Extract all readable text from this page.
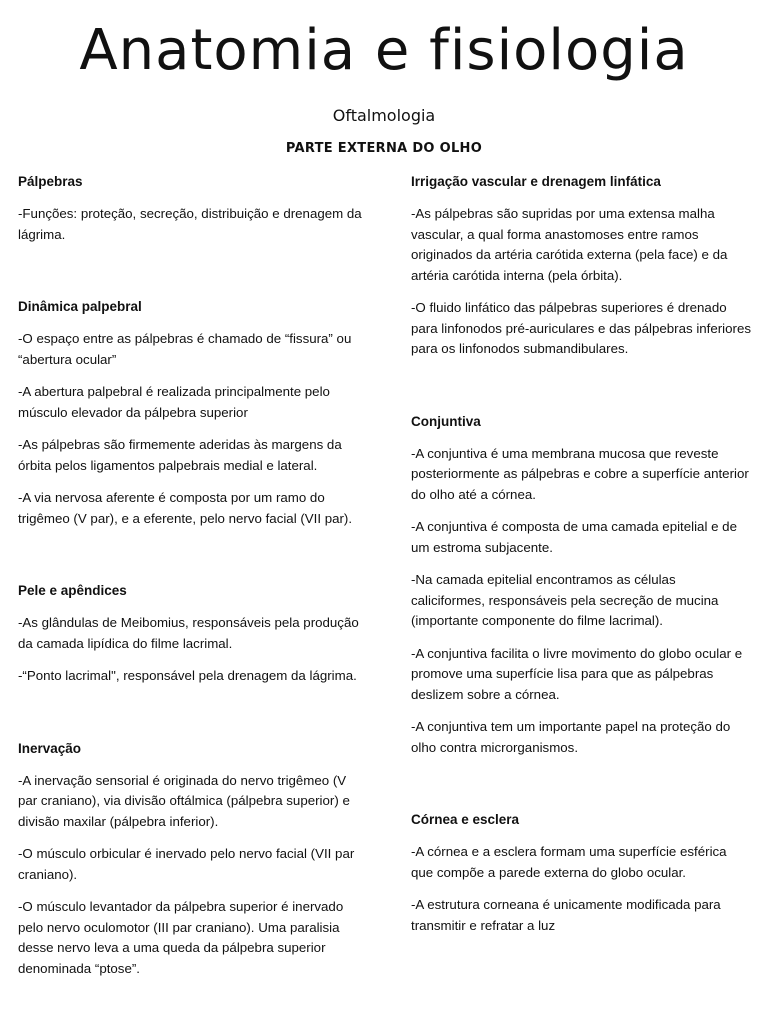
Anatomia e fisiologia
Oftalmologia
PARTE EXTERNA DO OLHO
Pálpebras

-Funções: proteção, secreção, distribuição e drenagem da lágrima.

Dinâmica palpebral

-O espaço entre as pálpebras é chamado de “fissura” ou “abertura ocular”

-A abertura palpebral é realizada principalmente pelo músculo elevador da pálpebra superior

-As pálpebras são firmemente aderidas às margens da órbita pelos ligamentos palpebrais medial e lateral.

-A via nervosa aferente é composta por um ramo do trigêmeo (V par), e a eferente, pelo nervo facial (VII par).

Pele e apêndices

-As glândulas de Meibomius, responsáveis pela produção da camada lipídica do filme lacrimal.

-“Ponto lacrimal", responsável pela drenagem da lágrima.

Inervação

-A inervação sensorial é originada do nervo trigêmeo (V par craniano), via divisão oftálmica (pálpebra superior) e divisão maxilar (pálpebra inferior).

-O músculo orbicular é inervado pelo nervo facial (VII par craniano).

-O músculo levantador da pálpebra superior é inervado pelo nervo oculomotor (III par craniano). Uma paralisia desse nervo leva a uma queda da pálpebra superior denominada “ptose”.

Irrigação vascular e drenagem linfática

-As pálpebras são supridas por uma extensa malha vascular, a qual forma anastomoses entre ramos originados da artéria carótida externa (pela face) e da artéria carótida interna (pela órbita).

-O fluido linfático das pálpebras superiores é drenado para linfonodos pré-auriculares e das pálpebras inferiores para os linfonodos submandibulares.

Conjuntiva

-A conjuntiva é uma membrana mucosa que reveste posteriormente as pálpebras e cobre a superfície anterior do olho até a córnea.

-A conjuntiva é composta de uma camada epitelial e de um estroma subjacente.

-Na camada epitelial encontramos as células caliciformes, responsáveis pela secreção de mucina (importante componente do filme lacrimal).

-A conjuntiva facilita o livre movimento do globo ocular e promove uma superfície lisa para que as pálpebras deslizem sobre a córnea.

-A conjuntiva tem um importante papel na proteção do olho contra microrganismos.

Córnea e esclera

-A córnea e a esclera formam uma superfície esférica que compõe a parede externa do globo ocular.

-A estrutura corneana é unicamente modificada para transmitir e refratar a luz
